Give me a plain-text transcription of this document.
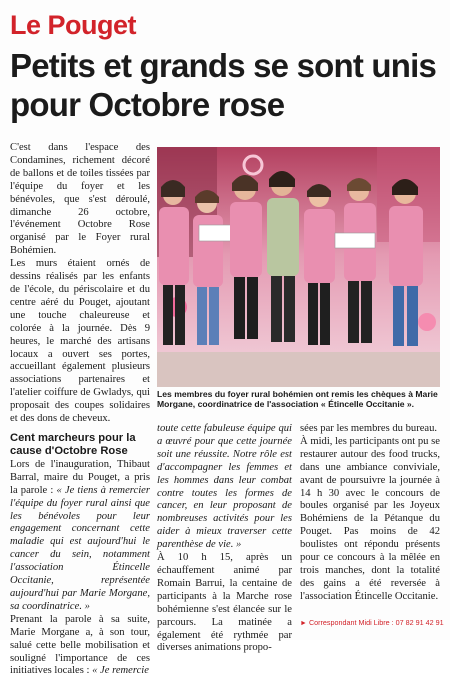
Le Pouget
Petits et grands se sont unis pour Octobre rose

C'est dans l'espace des Condamines, richement décoré de ballons et de toiles tissées par l'équipe du foyer et les bénévoles, que s'est déroulé, dimanche 26 octobre, l'événement Octobre Rose organisé par le Foyer rural Bohémien.

Les murs étaient ornés de dessins réalisés par les enfants de l'école, du périscolaire et du centre aéré du Pouget, ajoutant une touche chaleureuse et colorée à la journée. Dès 9 heures, le marché des artisans locaux a ouvert ses portes, accueillant également plusieurs associations partenaires et l'atelier coiffure de Gwladys, qui proposait des coupes solidaires et des dons de cheveux.

Cent marcheurs pour la cause d'Octobre Rose

Lors de l'inauguration, Thibaut Barral, maire du Pouget, a pris la parole : « Je tiens à remercier l'équipe du foyer rural ainsi que les bénévoles pour leur engagement concernant cette maladie qui est aujourd'hui le cancer du sein, notamment l'association Étincelle Occitanie, représentée aujourd'hui par Marie Morgane, sa coordinatrice. »

Prenant la parole à sa suite, Marie Morgane a, à son tour, salué cette belle mobilisation et souligné l'importance de ces initiatives locales : « Je remercie

Les membres du foyer rural bohémien ont remis les chèques à Marie Morgane, coordinatrice de l'association « Étincelle Occitanie ».

toute cette fabuleuse équipe qui a œuvré pour que cette journée soit une réussite. Notre rôle est d'accompagner les femmes et les hommes dans leur combat contre toutes les formes de cancer, en leur proposant de nombreuses activités pour les aider à mieux traverser cette parenthèse de vie. »

À 10 h 15, après un échauffement animé par Romain Barrui, la centaine de participants à la Marche rose bohémienne s'est élancée sur le parcours. La matinée a également été rythmée par diverses animations propo-

sées par les membres du bureau.

À midi, les participants ont pu se restaurer autour des food trucks, dans une ambiance conviviale, avant de poursuivre la journée à 14 h 30 avec le concours de boules organisé par les Joyeux Bohémiens de la Pétanque du Pouget. Pas moins de 42 boulistes ont répondu présents pour ce concours à la mêlée en trois manches, dont la totalité des gains a été reversée à l'association Étincelle Occitanie.

► Correspondant Midi Libre : 07 82 91 42 91
